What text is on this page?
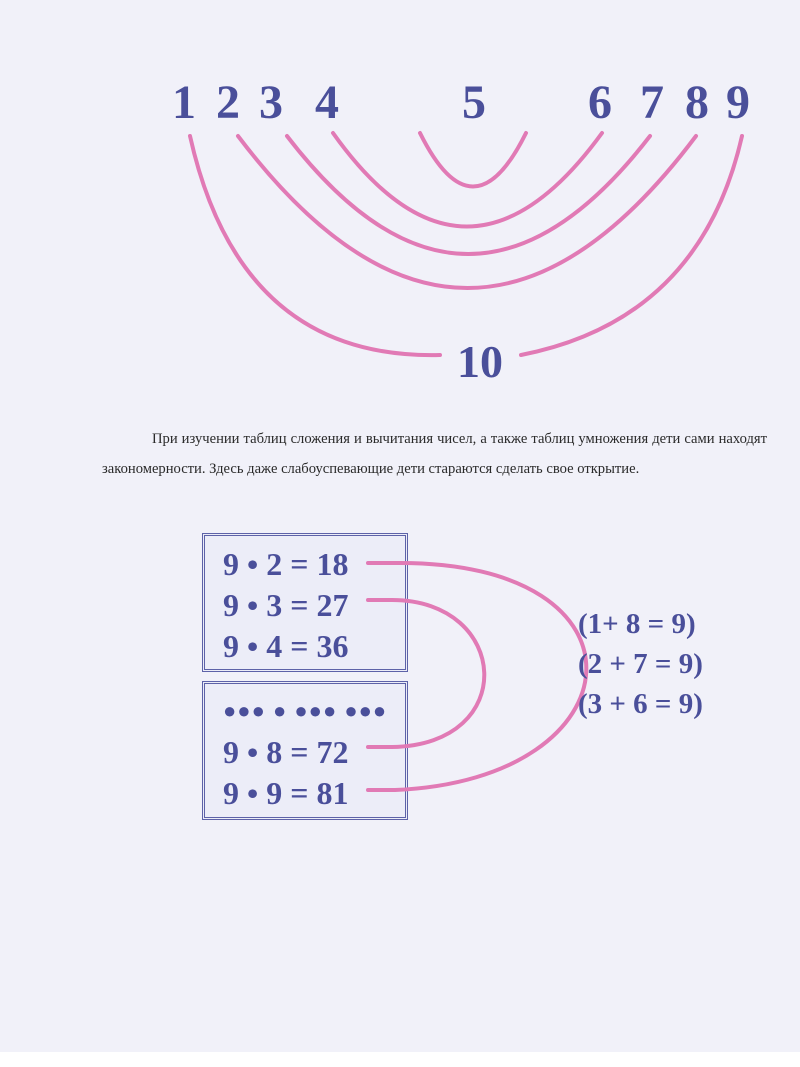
1 2 3 4	5 6 7 8 9
10

При изучении таблиц сложения и вычитания чисел, а также таблиц умножения дети сами находят закономерности. Здесь даже слабоуспевающие дети стараются сделать свое открытие.

9 • 2 = 18
9 • 3 = 27
9 • 4 = 36
●●● ● ●●● ●●●
9 • 8 = 72
9 • 9 = 81
(1+ 8 = 9)
(2 + 7 = 9)
(3 + 6 = 9)
